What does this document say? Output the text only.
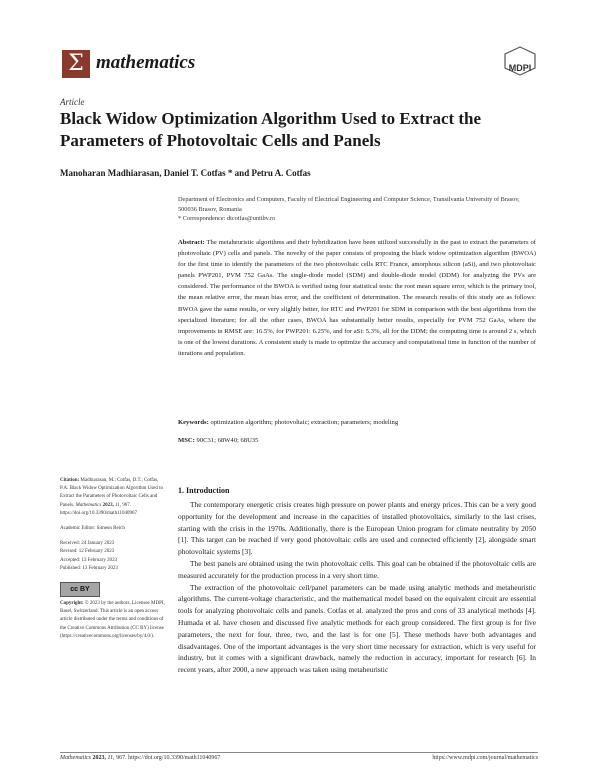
Σ mathematics	MDPI
Article
Black Widow Optimization Algorithm Used to Extract the Parameters of Photovoltaic Cells and Panels
Manoharan Madhiarasan, Daniel T. Cotfas * and Petru A. Cotfas
Department of Electronics and Computers, Faculty of Electrical Engineering and Computer Science, Transilvania University of Brasov, 500036 Brasov, Romania
* Correspondence: dtcotfas@unitbv.ro
Abstract: The metaheuristic algorithms and their hybridization have been utilized successfully in the past to extract the parameters of photovoltaic (PV) cells and panels. The novelty of the paper consists of proposing the black widow optimization algorithm (BWOA) for the first time to identify the parameters of the two photovoltaic cells RTC France, amorphous silicon (aSi), and two photovoltaic panels PWP201, PVM 752 GaAs. The single-diode model (SDM) and double-diode model (DDM) for analyzing the PVs are considered. The performance of the BWOA is verified using four statistical tests: the root mean square error, which is the primary tool, the mean relative error, the mean bias error, and the coefficient of determination. The research results of this study are as follows: BWOA gave the same results, or very slightly better, for RTC and PWP201 for SDM in comparison with the best algorithms from the specialized literature; for all the other cases, BWOA has substantially better results, especially for PVM 752 GaAs, where the improvements in RMSE are: 16.5%, for PWP201: 6.25%, and for aSi: 5.3%, all for the DDM; the computing time is around 2 s, which is one of the lowest durations. A consistent study is made to optimize the accuracy and computational time in function of the number of iterations and population.
Keywords: optimization algorithm; photovoltaic; extraction; parameters; modeling
MSC: 90C31; 68W40; 68U35

Citation: Madhiarasan, M.; Cotfas, D.T.; Cotfas, P.A. Black Widow Optimization Algorithm Used to Extract the Parameters of Photovoltaic Cells and Panels. Mathematics 2023, 11, 967. https://doi.org/10.3390/math11040967

Academic Editor: Simeon Reich

Received: 24 January 2023

Revised: 12 February 2023

Accepted: 13 February 2023

Published: 13 February 2023

cc BY

Copyright: © 2023 by the authors. Licensee MDPI, Basel, Switzerland. This article is an open access article distributed under the terms and conditions of the Creative Commons Attribution (CC BY) license (https://creativecommons.org/licenses/by/4.0/).

1. Introduction

The contemporary energetic crisis creates high pressure on power plants and energy prices. This can be a very good opportunity for the development and increase in the capacities of installed photovoltaics, similarly to the last crises, starting with the crisis in the 1970s. Additionally, there is the European Union program for climate neutrality by 2050 [1]. This target can be reached if very good photovoltaic cells are used and connected efficiently [2], alongside smart photovoltaic systems [3].

The best panels are obtained using the twin photovoltaic cells. This goal can be obtained if the photovoltaic cells are measured accurately for the production process in a very short time.

The extraction of the photovoltaic cell/panel parameters can be made using analytic methods and metaheuristic algorithms. The current-voltage characteristic, and the mathematical model based on the equivalent circuit are essential tools for analyzing photovoltaic cells and panels. Cotfas et al. analyzed the pros and cons of 33 analytical methods [4]. Humada et al. have chosen and discussed five analytic methods for each group considered. The first group is for five parameters, the next for four, three, two, and the last is for one [5]. These methods have both advantages and disadvantages. One of the important advantages is the very short time necessary for extraction, which is very useful for industry, but it comes with a significant drawback, namely the reduction in accuracy, important for research [6]. In recent years, after 2000, a new approach was taken using metaheuristic

Mathematics 2023, 11, 967. https://doi.org/10.3390/math11040967	https://www.mdpi.com/journal/mathematics
